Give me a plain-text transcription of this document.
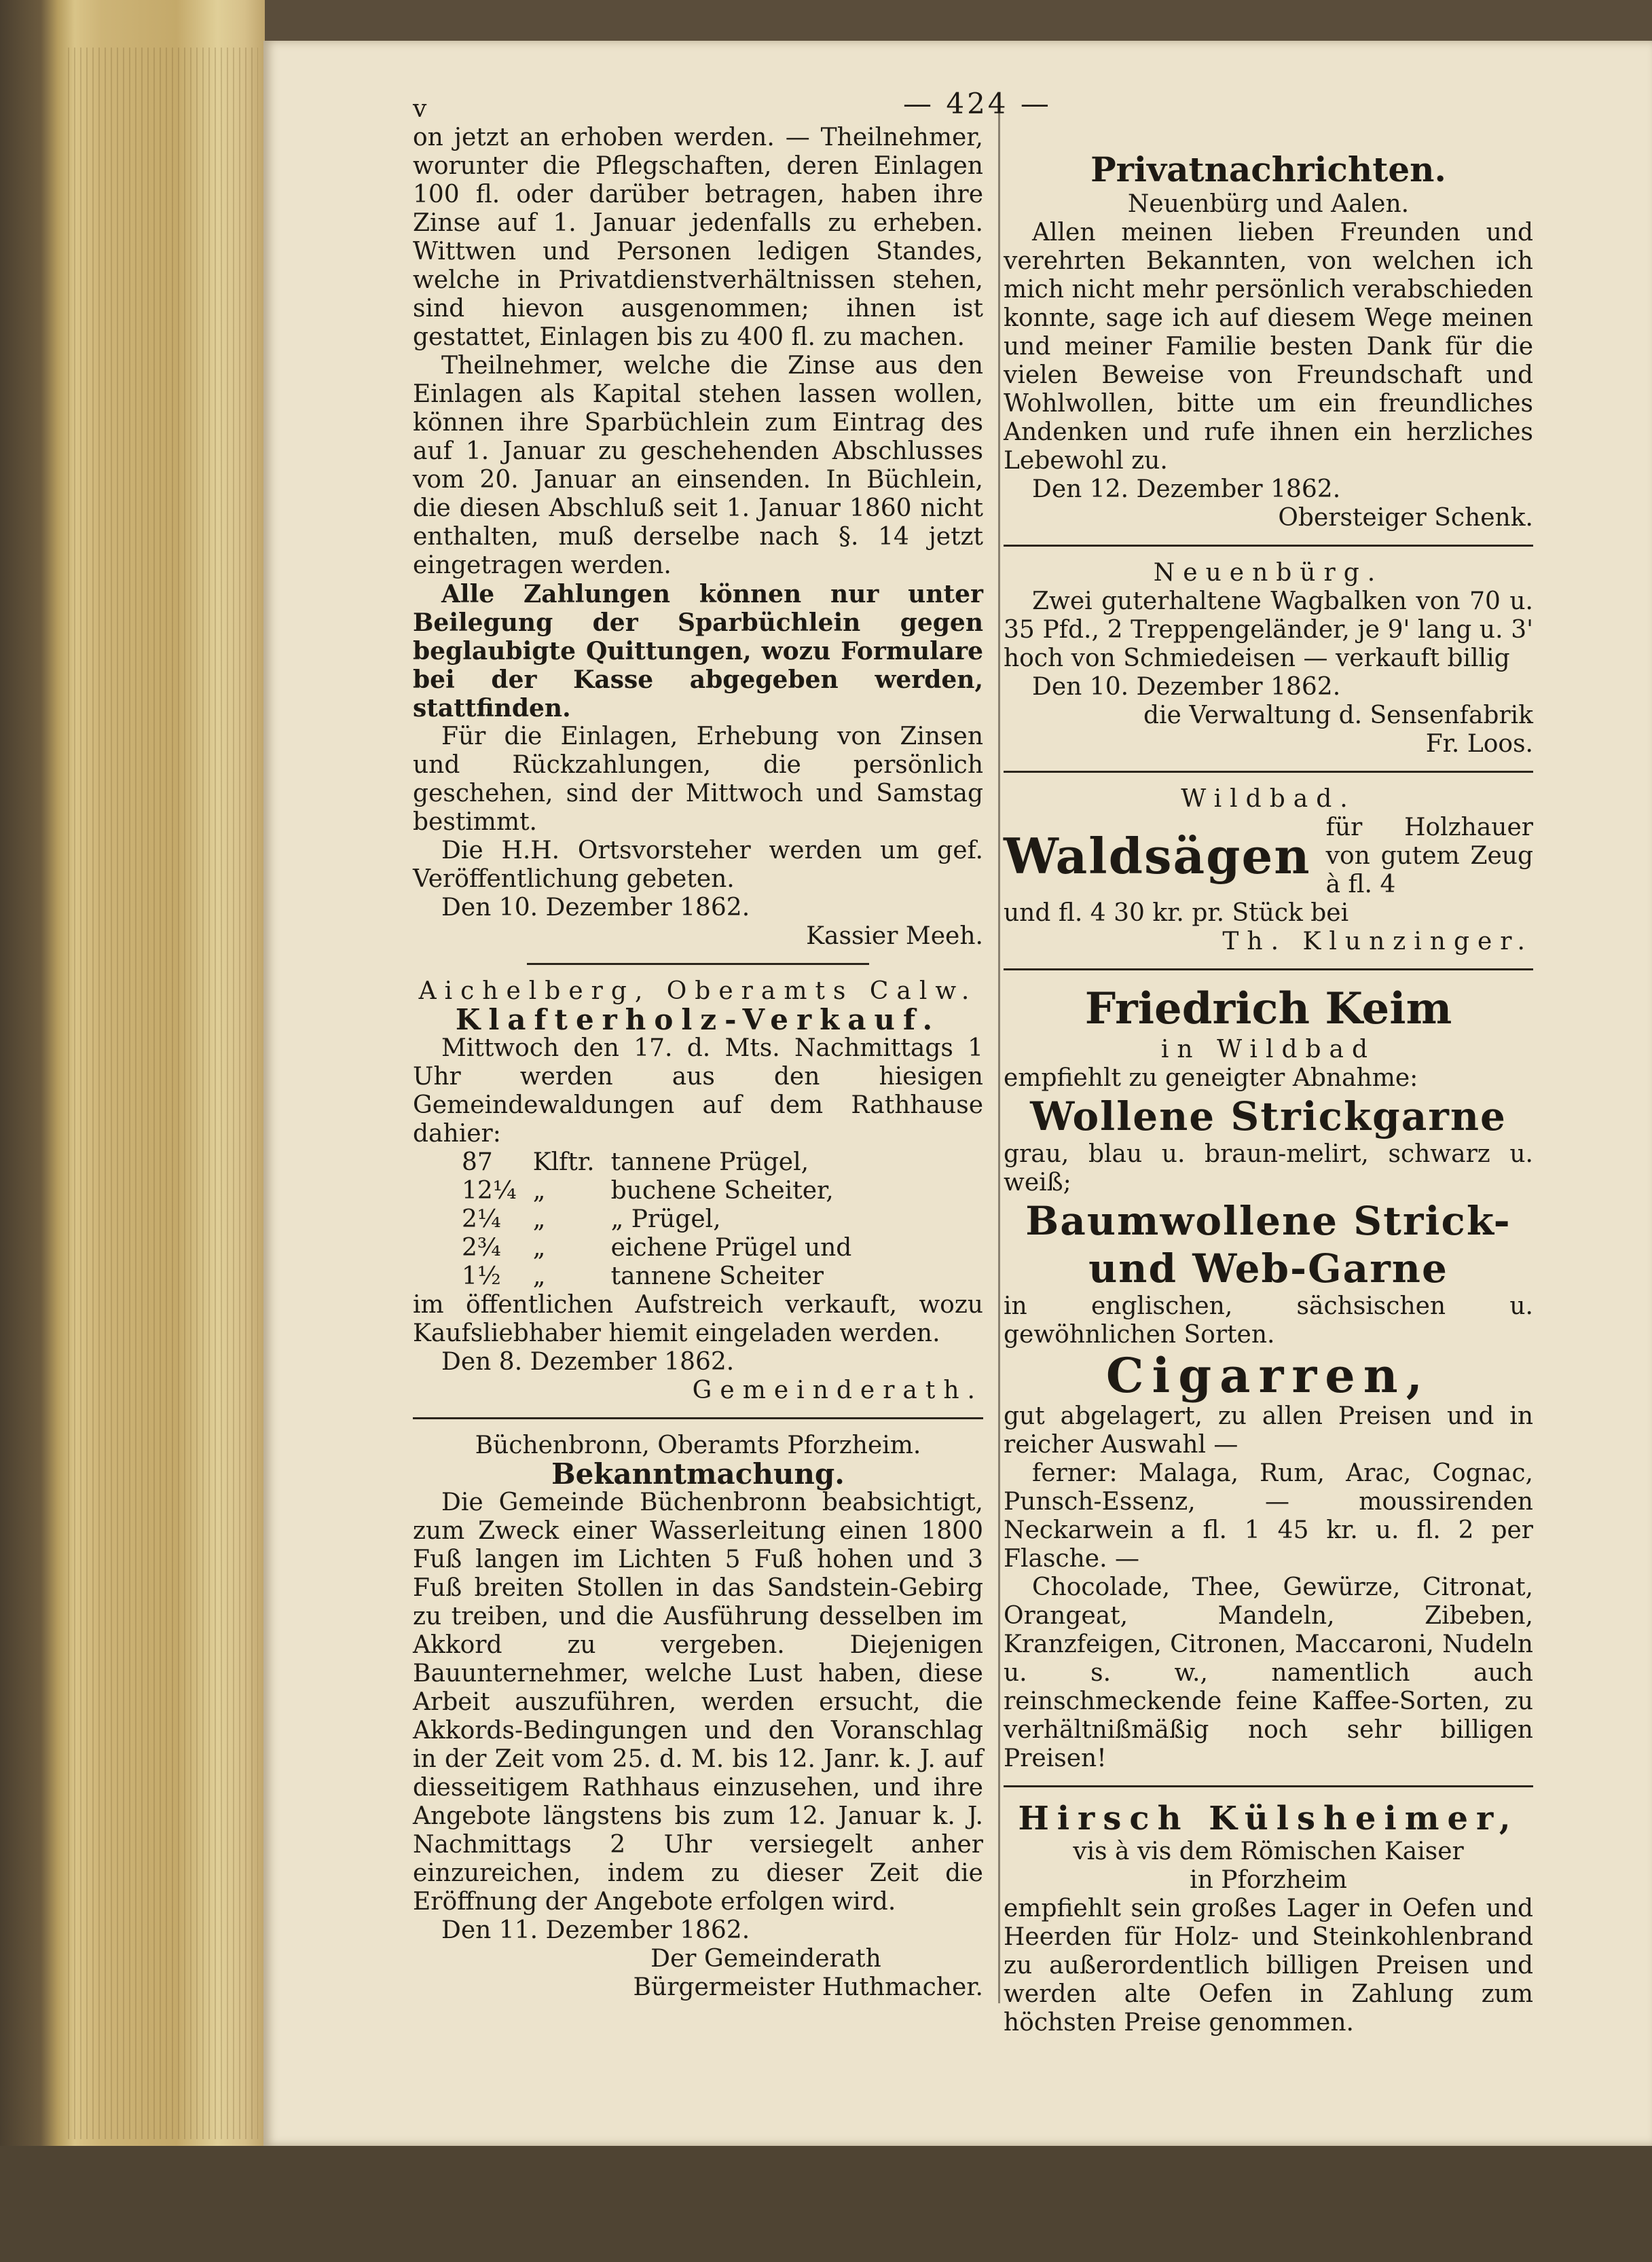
— 424 —

v

on jetzt an erhoben werden. — Theilnehmer, worunter die Pflegschaften, deren Einlagen 100 fl. oder darüber betragen, haben ihre Zinse auf 1. Januar jedenfalls zu erheben. Wittwen und Personen ledigen Standes, welche in Privatdienstverhältnissen stehen, sind hievon ausgenommen; ihnen ist gestattet, Einlagen bis zu 400 fl. zu machen.

Theilnehmer, welche die Zinse aus den Einlagen als Kapital stehen lassen wollen, können ihre Sparbüchlein zum Eintrag des auf 1. Januar zu geschehenden Abschlusses vom 20. Januar an einsenden. In Büchlein, die diesen Abschluß seit 1. Januar 1860 nicht enthalten, muß derselbe nach §. 14 jetzt eingetragen werden.

Alle Zahlungen können nur unter Beilegung der Sparbüchlein gegen beglaubigte Quittungen, wozu Formulare bei der Kasse abgegeben werden, stattfinden.

Für die Einlagen, Erhebung von Zinsen und Rückzahlungen, die persönlich geschehen, sind der Mittwoch und Samstag bestimmt.

Die H.H. Ortsvorsteher werden um gef. Veröffentlichung gebeten.

Den 10. Dezember 1862.

Kassier Meeh.

Aichelberg, Oberamts Calw.

Klafterholz-Verkauf.

Mittwoch den 17. d. Mts. Nachmittags 1 Uhr werden aus den hiesigen Gemeindewaldungen auf dem Rathhause dahier:

87	Klftr.	tannene Prügel,
12¼	„	buchene Scheiter,
2¼	„	„ Prügel,
2¾	„	eichene Prügel und
1½	„	tannene Scheiter

im öffentlichen Aufstreich verkauft, wozu Kaufsliebhaber hiemit eingeladen werden.

Den 8. Dezember 1862.

Gemeinderath.

Büchenbronn, Oberamts Pforzheim.

Bekanntmachung.

Die Gemeinde Büchenbronn beabsichtigt, zum Zweck einer Wasserleitung einen 1800 Fuß langen im Lichten 5 Fuß hohen und 3 Fuß breiten Stollen in das Sandstein-Gebirg zu treiben, und die Ausführung desselben im Akkord zu vergeben. Diejenigen Bauunternehmer, welche Lust haben, diese Arbeit auszuführen, werden ersucht, die Akkords-Bedingungen und den Voranschlag in der Zeit vom 25. d. M. bis 12. Janr. k. J. auf diesseitigem Rathhaus einzusehen, und ihre Angebote längstens bis zum 12. Januar k. J. Nachmittags 2 Uhr versiegelt anher einzureichen, indem zu dieser Zeit die Eröffnung der Angebote erfolgen wird.

Den 11. Dezember 1862.

Der Gemeinderath

Bürgermeister Huthmacher.

Privatnachrichten.

Neuenbürg und Aalen.

Allen meinen lieben Freunden und verehrten Bekannten, von welchen ich mich nicht mehr persönlich verabschieden konnte, sage ich auf diesem Wege meinen und meiner Familie besten Dank für die vielen Beweise von Freundschaft und Wohlwollen, bitte um ein freundliches Andenken und rufe ihnen ein herzliches Lebewohl zu.

Den 12. Dezember 1862.

Obersteiger Schenk.

Neuenbürg.

Zwei guterhaltene Wagbalken von 70 u. 35 Pfd., 2 Treppengeländer, je 9' lang u. 3' hoch von Schmiedeisen — verkauft billig

Den 10. Dezember 1862.

die Verwaltung d. Sensenfabrik

Fr. Loos.

Wildbad.

Waldsägen für Holzhauer von gutem Zeug à fl. 4

und fl. 4 30 kr. pr. Stück bei

Th. Klunzinger.

Friedrich Keim

in Wildbad

empfiehlt zu geneigter Abnahme:

Wollene Strickgarne

grau, blau u. braun-melirt, schwarz u. weiß;

Baumwollene Strick-

und Web-Garne

in englischen, sächsischen u. gewöhnlichen Sorten.

Cigarren,

gut abgelagert, zu allen Preisen und in reicher Auswahl —

ferner: Malaga, Rum, Arac, Cognac, Punsch-Essenz, — moussirenden Neckarwein a fl. 1 45 kr. u. fl. 2 per Flasche. —

Chocolade, Thee, Gewürze, Citronat, Orangeat, Mandeln, Zibeben, Kranzfeigen, Citronen, Maccaroni, Nudeln u. s. w., namentlich auch reinschmeckende feine Kaffee-Sorten, zu verhältnißmäßig noch sehr billigen Preisen!

Hirsch Külsheimer,

vis à vis dem Römischen Kaiser

in Pforzheim

empfiehlt sein großes Lager in Oefen und Heerden für Holz- und Steinkohlenbrand zu außerordentlich billigen Preisen und werden alte Oefen in Zahlung zum höchsten Preise genommen.
